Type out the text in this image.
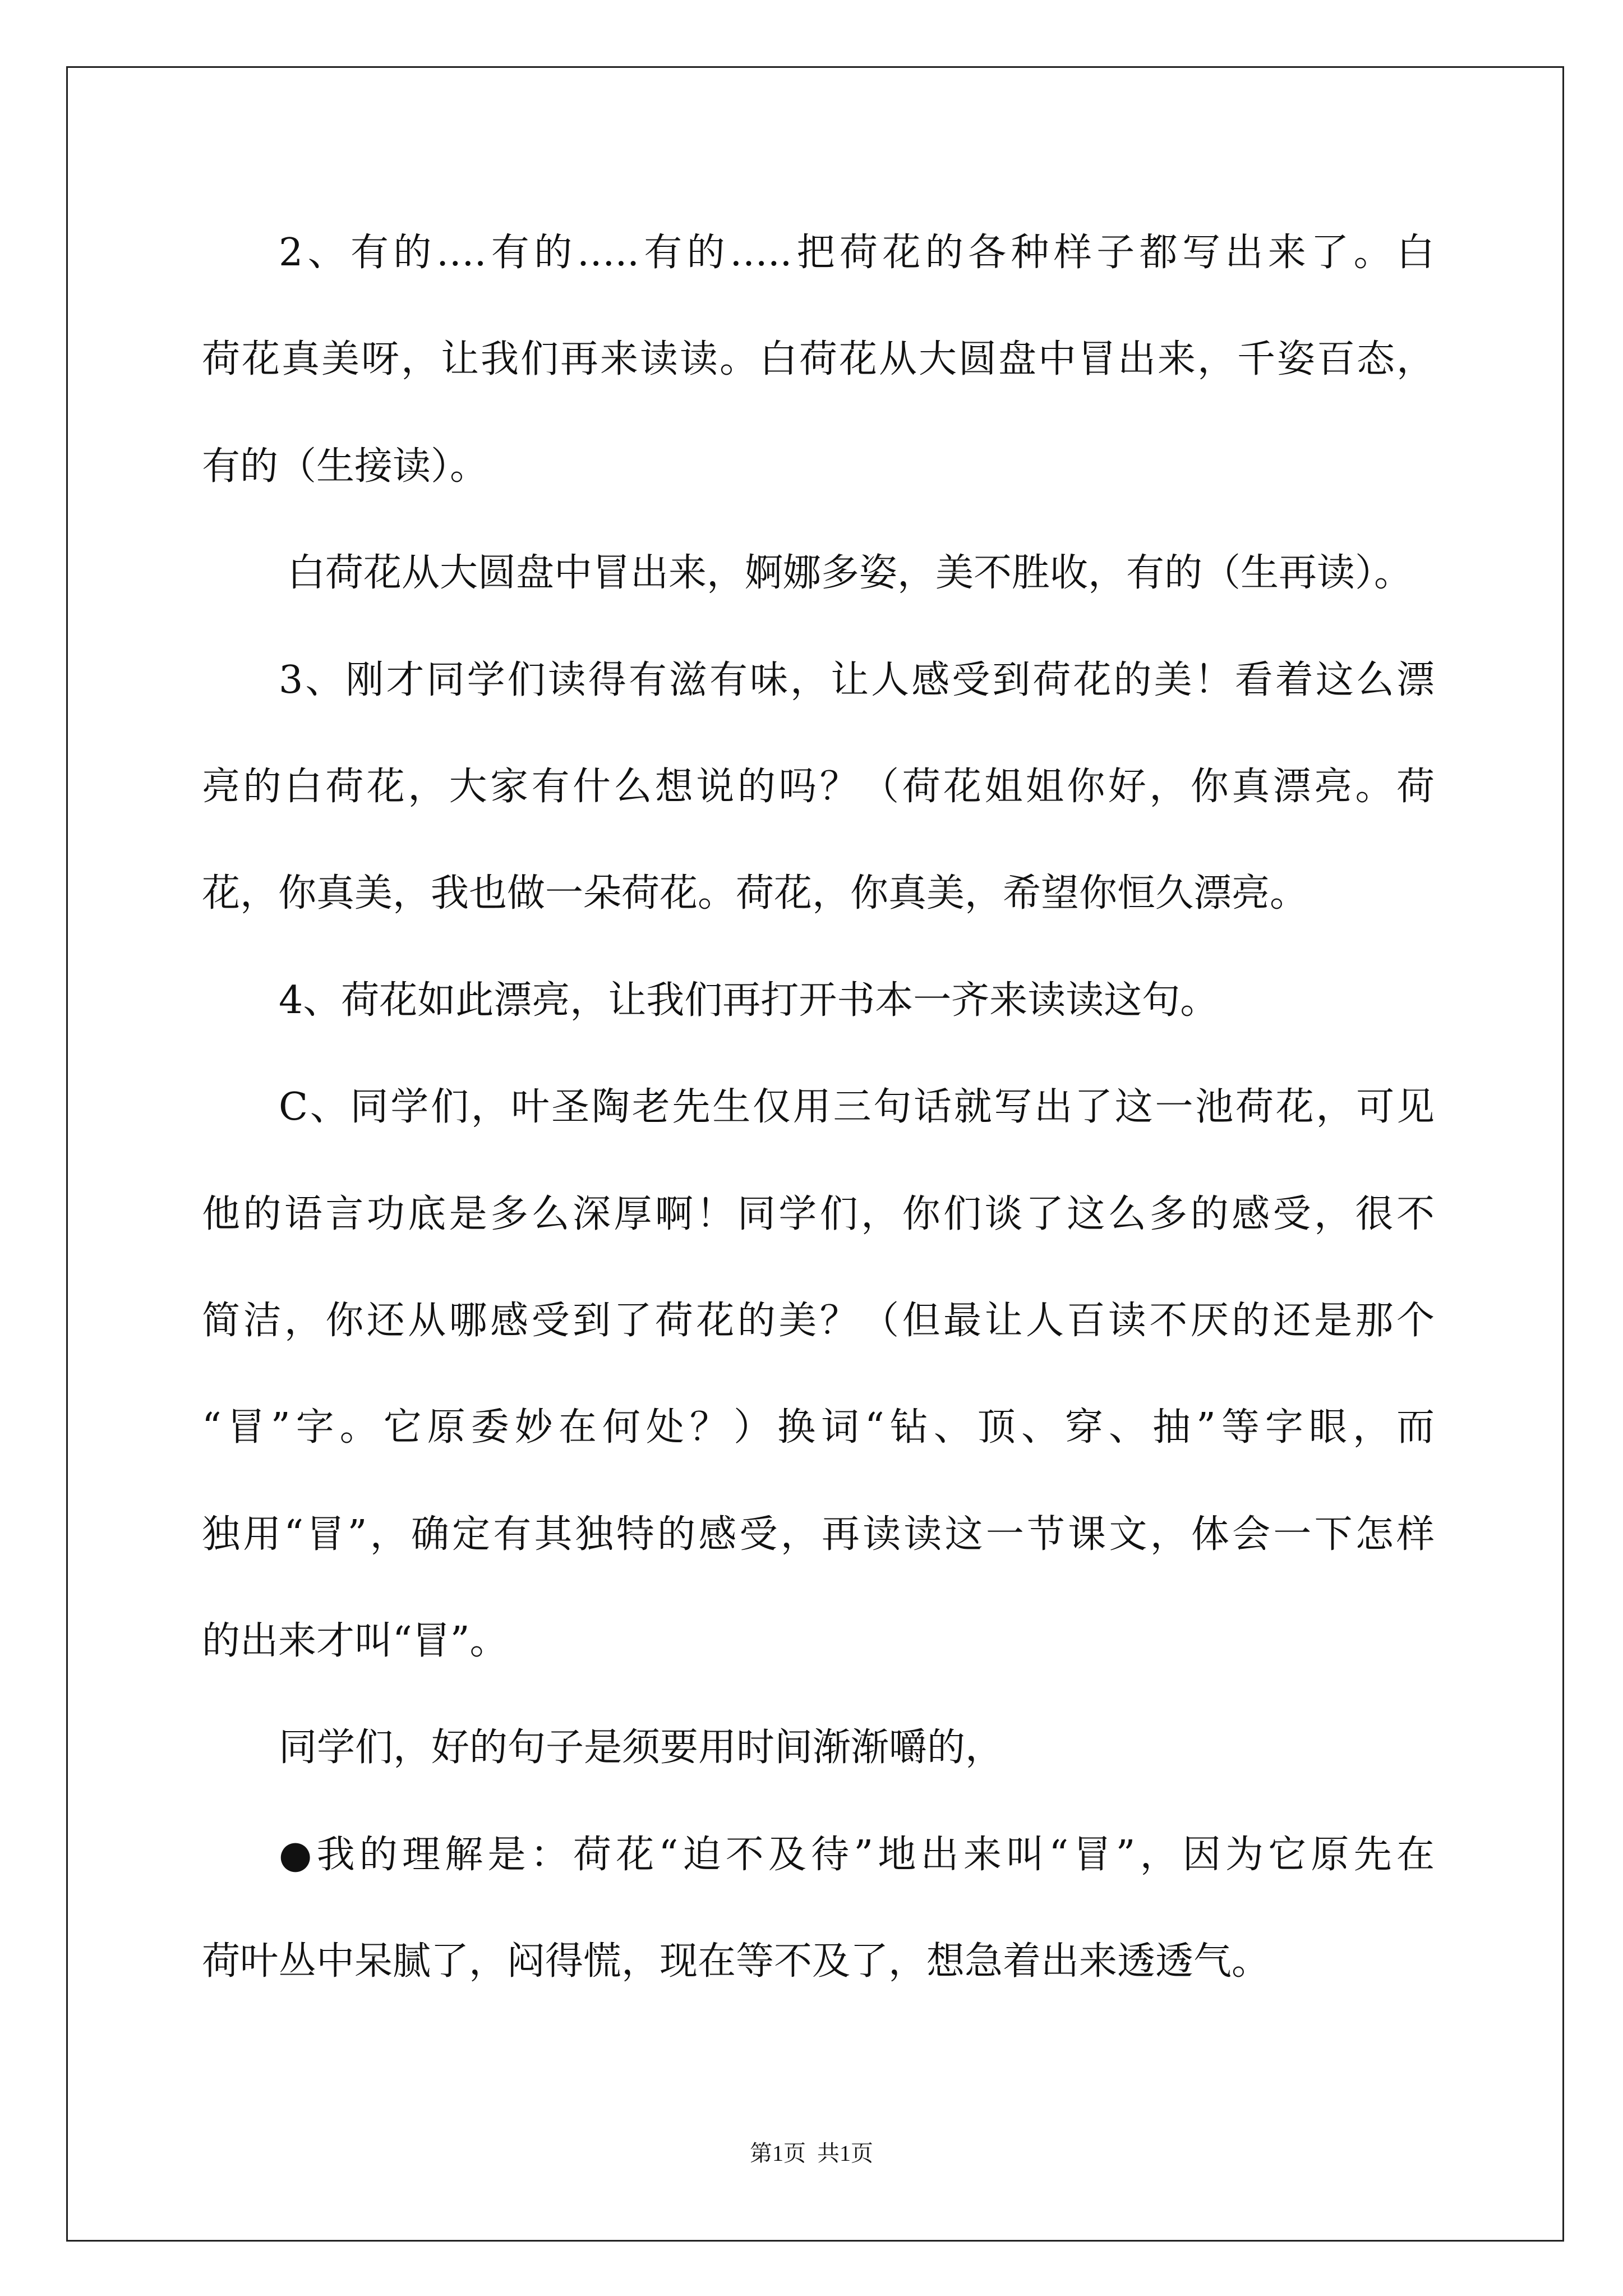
2、有的….有的…..有的…..把荷花的各种样子都写出来了。白
荷花真美呀，让我们再来读读。白荷花从大圆盘中冒出来，千姿百态，
有的（生接读）。
白荷花从大圆盘中冒出来，婀娜多姿，美不胜收，有的（生再读）。
3、刚才同学们读得有滋有味，让人感受到荷花的美！看着这么漂
亮的白荷花，大家有什么想说的吗？（荷花姐姐你好，你真漂亮。荷
花，你真美，我也做一朵荷花。荷花，你真美，希望你恒久漂亮。
4、荷花如此漂亮，让我们再打开书本一齐来读读这句。
C、同学们，叶圣陶老先生仅用三句话就写出了这一池荷花，可见
他的语言功底是多么深厚啊！同学们，你们谈了这么多的感受，很不
简洁，你还从哪感受到了荷花的美？（但最让人百读不厌的还是那个
“冒”字。它原委妙在何处？）换词“钻、顶、穿、抽”等字眼，而
独用“冒”，确定有其独特的感受，再读读这一节课文，体会一下怎样
的出来才叫“冒”。
同学们，好的句子是须要用时间渐渐嚼的，
●我的理解是：荷花“迫不及待”地出来叫“冒”，因为它原先在
荷叶丛中呆腻了，闷得慌，现在等不及了，想急着出来透透气。
第1页  共1页
